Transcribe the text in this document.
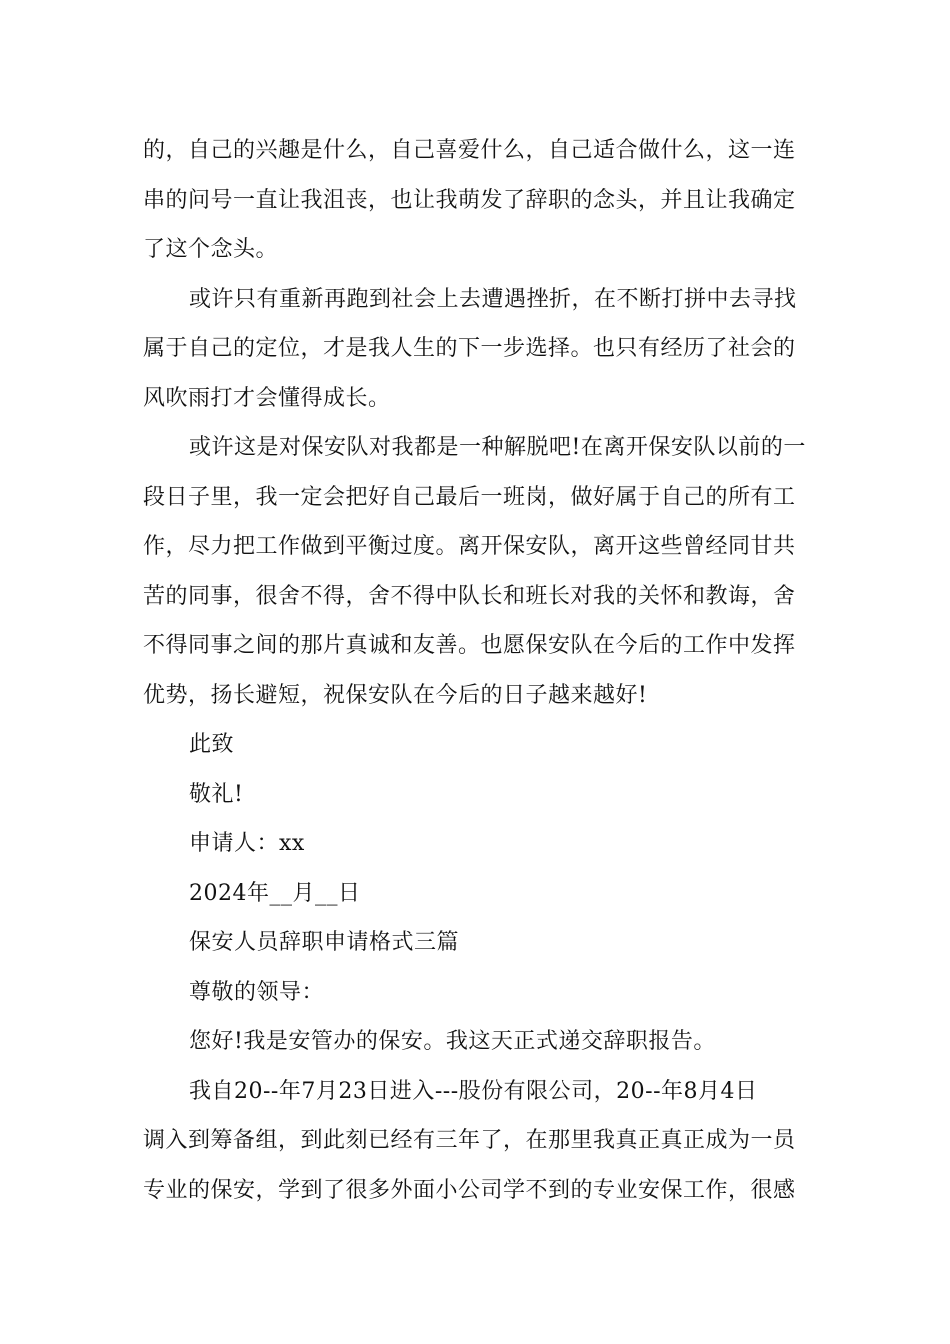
的，自己的兴趣是什么，自己喜爱什么，自己适合做什么，这一连
串的问号一直让我沮丧，也让我萌发了辞职的念头，并且让我确定
了这个念头。
或许只有重新再跑到社会上去遭遇挫折，在不断打拼中去寻找
属于自己的定位，才是我人生的下一步选择。也只有经历了社会的
风吹雨打才会懂得成长。
或许这是对保安队对我都是一种解脱吧!在离开保安队以前的一
段日子里，我一定会把好自己最后一班岗，做好属于自己的所有工
作，尽力把工作做到平衡过度。离开保安队，离开这些曾经同甘共
苦的同事，很舍不得，舍不得中队长和班长对我的关怀和教诲，舍
不得同事之间的那片真诚和友善。也愿保安队在今后的工作中发挥
优势，扬长避短，祝保安队在今后的日子越来越好!
此致
敬礼!
申请人：xx
2024年__月__日
保安人员辞职申请格式三篇
尊敬的领导：
您好!我是安管办的保安。我这天正式递交辞职报告。
我自20--年7月23日进入---股份有限公司，20--年8月4日
调入到筹备组，到此刻已经有三年了，在那里我真正真正成为一员
专业的保安，学到了很多外面小公司学不到的专业安保工作，很感
